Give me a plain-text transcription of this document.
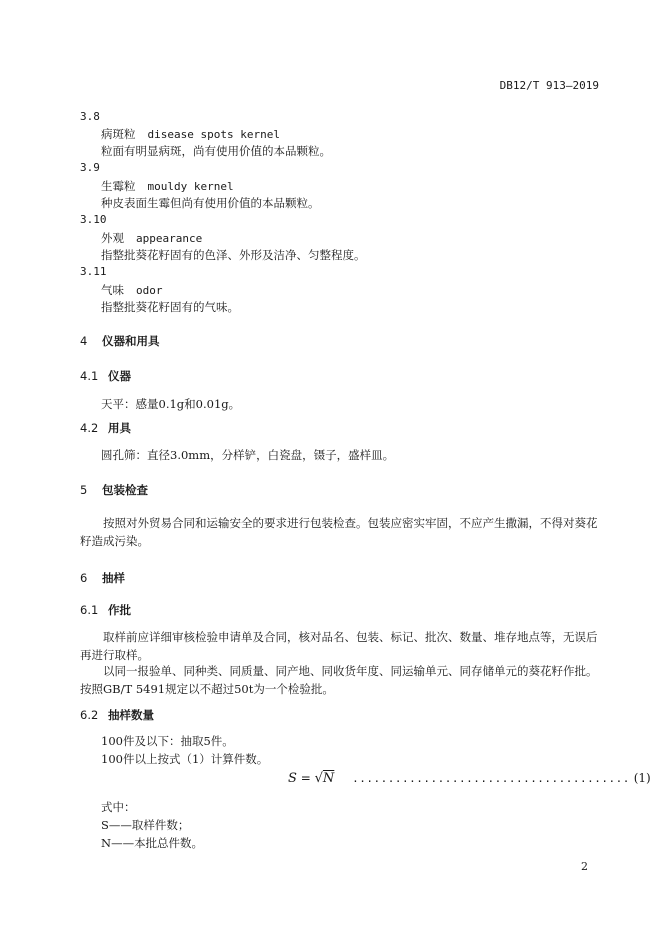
DB12/T 913—2019
3.8
病斑粒 disease spots kernel
粒面有明显病斑，尚有使用价值的本品颗粒。
3.9
生霉粒 mouldy kernel
种皮表面生霉但尚有使用价值的本品颗粒。
3.10
外观 appearance
指整批葵花籽固有的色泽、外形及洁净、匀整程度。
3.11
气味 odor
指整批葵花籽固有的气味。
4 仪器和用具
4.1 仪器
天平：感量0.1g和0.01g。
4.2 用具
圆孔筛：直径3.0mm，分样铲，白瓷盘，镊子，盛样皿。
5 包装检查
按照对外贸易合同和运输安全的要求进行包装检查。包装应密实牢固，不应产生撒漏，不得对葵花籽造成污染。
6 抽样
6.1 作批
取样前应详细审核检验申请单及合同，核对品名、包装、标记、批次、数量、堆存地点等，无误后再进行取样。
以同一报验单、同种类、同质量、同产地、同收货年度、同运输单元、同存储单元的葵花籽作批。按照GB/T 5491规定以不超过50t为一个检验批。
6.2 抽样数量
100件及以下：抽取5件。
100件以上按式（1）计算件数。
S = √N ....................................... (1)
式中：
S——取样件数；
N——本批总件数。
2
